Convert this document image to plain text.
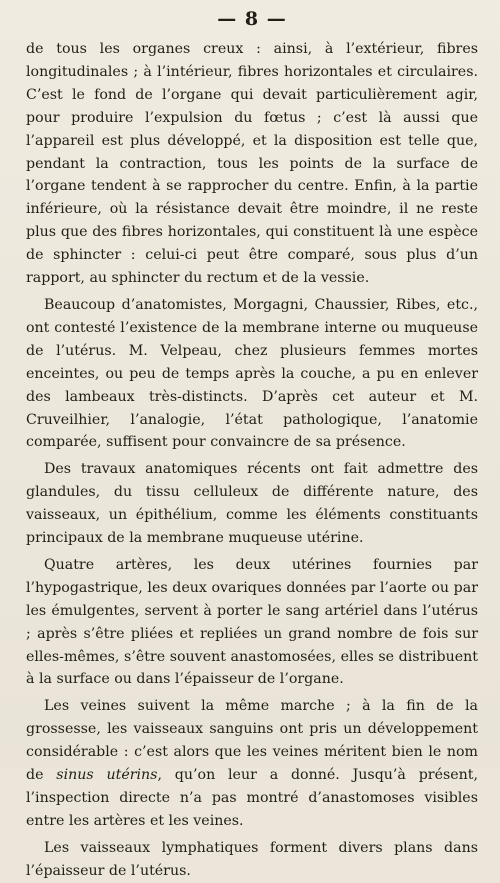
— 8 —

de tous les organes creux : ainsi, à l’extérieur, fibres longitudinales ; à l’intérieur, fibres horizontales et circulaires. C’est le fond de l’organe qui devait particulièrement agir, pour produire l’expulsion du fœtus ; c’est là aussi que l’appareil est plus développé, et la disposition est telle que, pendant la contraction, tous les points de la surface de l’organe tendent à se rapprocher du centre. Enfin, à la partie inférieure, où la résistance devait être moindre, il ne reste plus que des fibres horizontales, qui constituent là une espèce de sphincter : celui-ci peut être comparé, sous plus d’un rapport, au sphincter du rectum et de la vessie.

Beaucoup d’anatomistes, Morgagni, Chaussier, Ribes, etc., ont contesté l’existence de la membrane interne ou muqueuse de l’utérus. M. Velpeau, chez plusieurs femmes mortes enceintes, ou peu de temps après la couche, a pu en enlever des lambeaux très-distincts. D’après cet auteur et M. Cruveilhier, l’analogie, l’état pathologique, l’anatomie comparée, suffisent pour convaincre de sa présence.

Des travaux anatomiques récents ont fait admettre des glandules, du tissu celluleux de différente nature, des vaisseaux, un épithélium, comme les éléments constituants principaux de la membrane muqueuse utérine.

Quatre artères, les deux utérines fournies par l’hypogastrique, les deux ovariques données par l’aorte ou par les émulgentes, servent à porter le sang artériel dans l’utérus ; après s’être pliées et repliées un grand nombre de fois sur elles-mêmes, s’être souvent anastomosées, elles se distribuent à la surface ou dans l’épaisseur de l’organe.

Les veines suivent la même marche ; à la fin de la grossesse, les vaisseaux sanguins ont pris un développement considérable : c’est alors que les veines méritent bien le nom de sinus utérins, qu’on leur a donné. Jusqu’à présent, l’inspection directe n’a pas montré d’anastomoses visibles entre les artères et les veines.

Les vaisseaux lymphatiques forment divers plans dans l’épaisseur de l’utérus.
